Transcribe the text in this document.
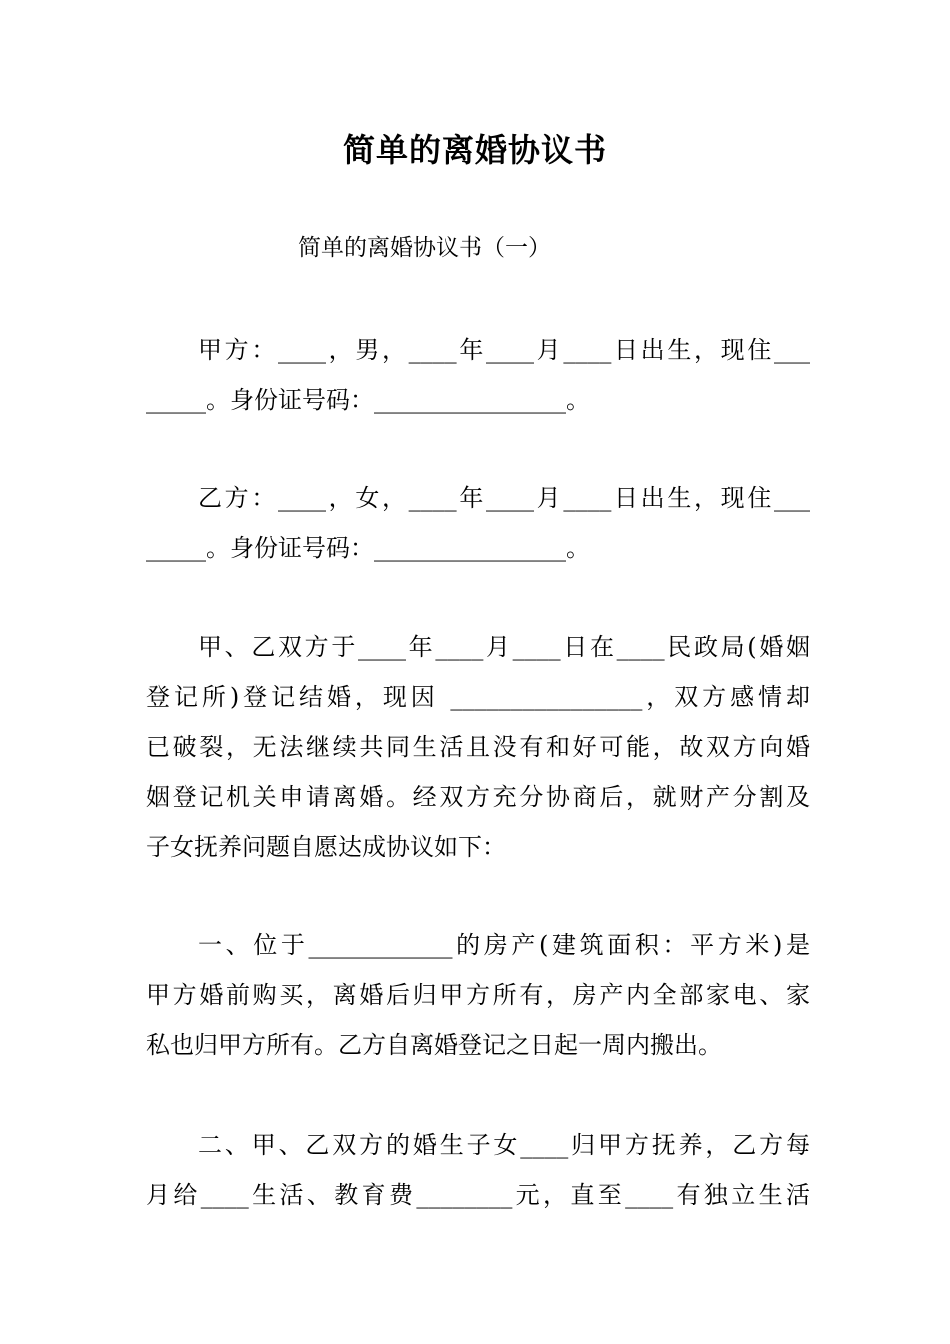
简单的离婚协议书
简单的离婚协议书（一）
甲方：____，男，____年____月____日出生，现住___
_____。身份证号码：________________。
乙方：____，女，____年____月____日出生，现住___
_____。身份证号码：________________。
甲、乙双方于____年____月____日在____民政局(婚姻
登记所)登记结婚，现因 ________________，双方感情却
已破裂，无法继续共同生活且没有和好可能，故双方向婚
姻登记机关申请离婚。经双方充分协商后，就财产分割及
子女抚养问题自愿达成协议如下：
一、位于____________的房产(建筑面积：平方米)是
甲方婚前购买，离婚后归甲方所有，房产内全部家电、家
私也归甲方所有。乙方自离婚登记之日起一周内搬出。
二、甲、乙双方的婚生子女____归甲方抚养，乙方每
月给____生活、教育费________元，直至____有独立生活
